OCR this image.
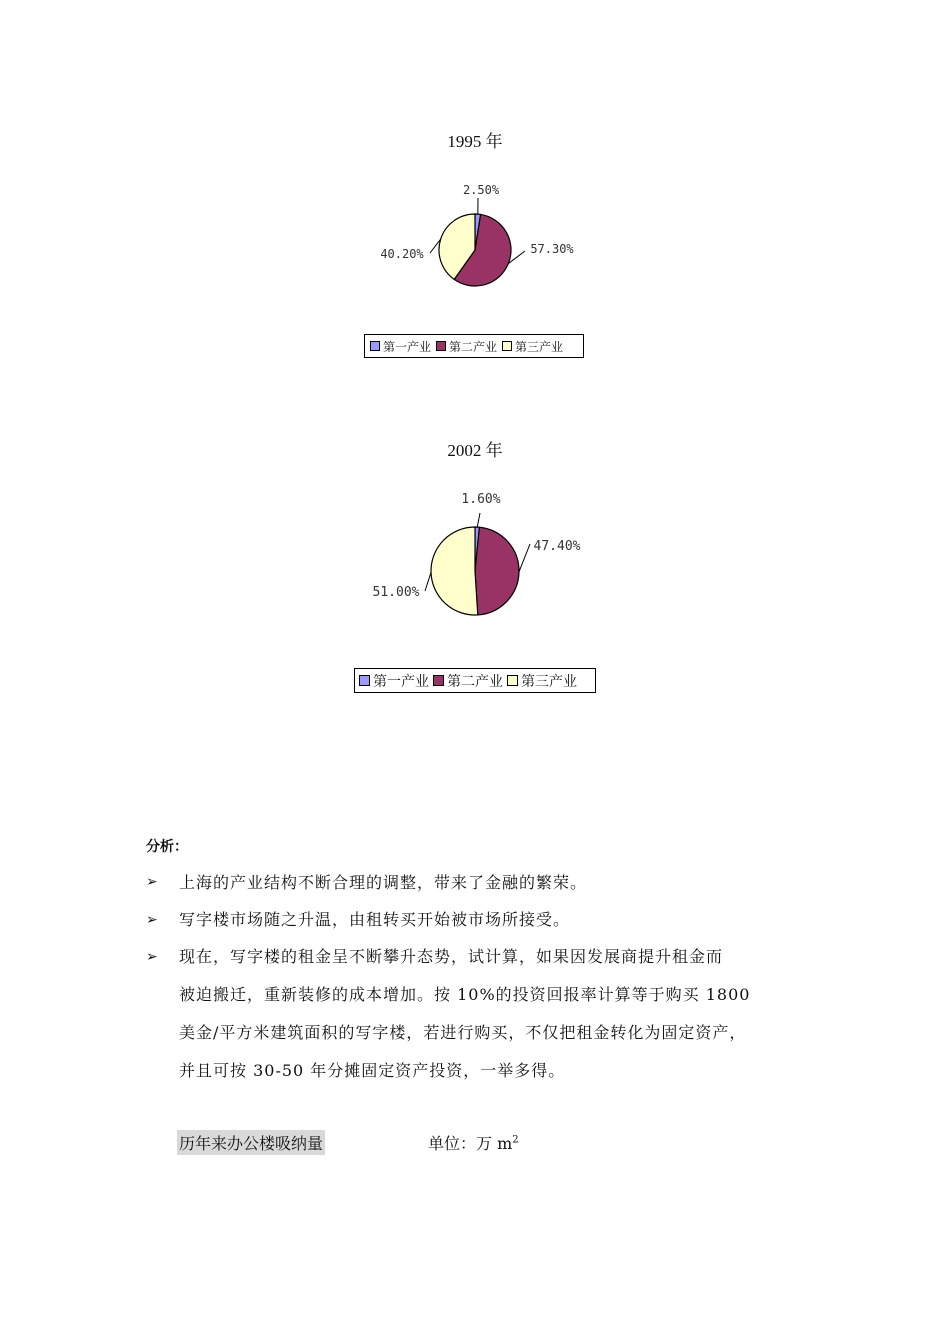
1995 年
2.50%
57.30%
40.20%
第一产业 第二产业 第三产业
2002 年
1.60%
47.40%
51.00%
第一产业 第二产业 第三产业
分析：
➢ 上海的产业结构不断合理的调整，带来了金融的繁荣。
➢ 写字楼市场随之升温，由租转买开始被市场所接受。
➢ 现在，写字楼的租金呈不断攀升态势，试计算，如果因发展商提升租金而
被迫搬迁，重新装修的成本增加。按 10%的投资回报率计算等于购买 1800
美金/平方米建筑面积的写字楼，若进行购买，不仅把租金转化为固定资产，
并且可按 30-50 年分摊固定资产投资，一举多得。
历年来办公楼吸纳量	单位：万 $m^2$
